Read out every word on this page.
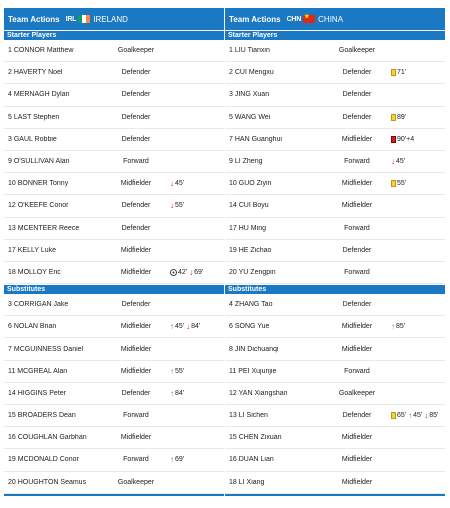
Team Actions IRL IRELAND
Starter Players
1 CONNOR Matthew	Goalkeeper
2 HAVERTY Noel	Defender
4 MERNAGH Dylan	Defender
5 LAST Stephen	Defender
3 GAUL Robbie	Defender
9 O'SULLIVAN Alan	Forward
10 BONNER Tonny	Midfielder	↓ 45'
12 O'KEEFE Conor	Defender	↓ 55'
13 MCENTEER Reece	Defender
17 KELLY Luke	Midfielder
18 MOLLOY Eric	Midfielder	42' ↓ 69'
Substitutes
3 CORRIGAN Jake	Defender
6 NOLAN Brian	Midfielder	↑ 45' ↓ 84'
7 MCGUINNESS Daniel	Midfielder
11 MCGREAL Alan	Midfielder	↑ 55'
14 HIGGINS Peter	Defender	↑ 84'
15 BROADERS Dean	Forward
16 COUGHLAN Garbhan	Midfielder
19 MCDONALD Conor	Forward	↑ 69'
20 HOUGHTON Seamus	Goalkeeper
Team Actions CHN
★ CHINA
Starter Players
1 LIU Tianxin	Goalkeeper
2 CUI Mengxu	Defender	71'
3 JING Xuan	Defender
5 WANG Wei	Defender	89'
7 HAN Guanghui	Midfielder	90'+4
9 LI Zheng	Forward	↓ 45'
10 GUO Ziyin	Midfielder	55'
14 CUI Boyu	Midfielder
17 HU Ming	Forward
19 HE Zichao	Defender
20 YU Zengpin	Forward
Substitutes
4 ZHANG Tao	Defender
6 SONG Yue	Midfielder	↑ 85'
8 JIN Dichuanqi	Midfielder
11 PEI Xujunjie	Forward
12 YAN Xiangshan	Goalkeeper
13 LI Sichen	Defender	65' ↑ 45' ↓ 85'
15 CHEN Zixuan	Midfielder
16 DUAN Lian	Midfielder
18 LI Xiang	Midfielder
